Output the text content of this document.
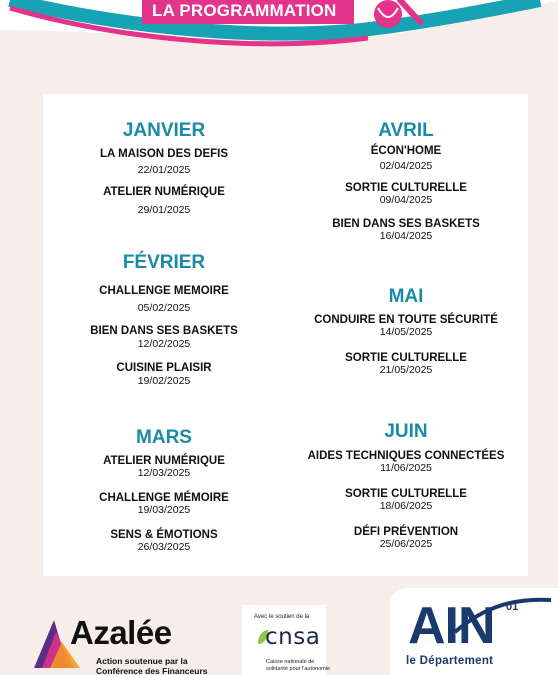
LA PROGRAMMATION
JANVIER
LA MAISON DES DEFIS
22/01/2025
ATELIER NUMÉRIQUE
29/01/2025
FÉVRIER
CHALLENGE MEMOIRE
05/02/2025
BIEN DANS SES BASKETS
12/02/2025
CUISINE PLAISIR
19/02/2025
MARS
ATELIER NUMÉRIQUE
12/03/2025
CHALLENGE MÉMOIRE
19/03/2025
SENS & ÉMOTIONS
26/03/2025
AVRIL
ÉCON'HOME
02/04/2025
SORTIE CULTURELLE
09/04/2025
BIEN DANS SES BASKETS
16/04/2025
MAI
CONDUIRE EN TOUTE SÉCURITÉ
14/05/2025
SORTIE CULTURELLE
21/05/2025
JUIN
AIDES TECHNIQUES CONNECTÉES
11/06/2025
SORTIE CULTURELLE
18/06/2025
DÉFI PRÉVENTION
25/06/2025
Azalée
Action soutenue par la
Conférence des Financeurs
Avec le soutien de la
cnsa
Caisse nationale de
solidarité pour l'autonomie
AIN 01
le Département
